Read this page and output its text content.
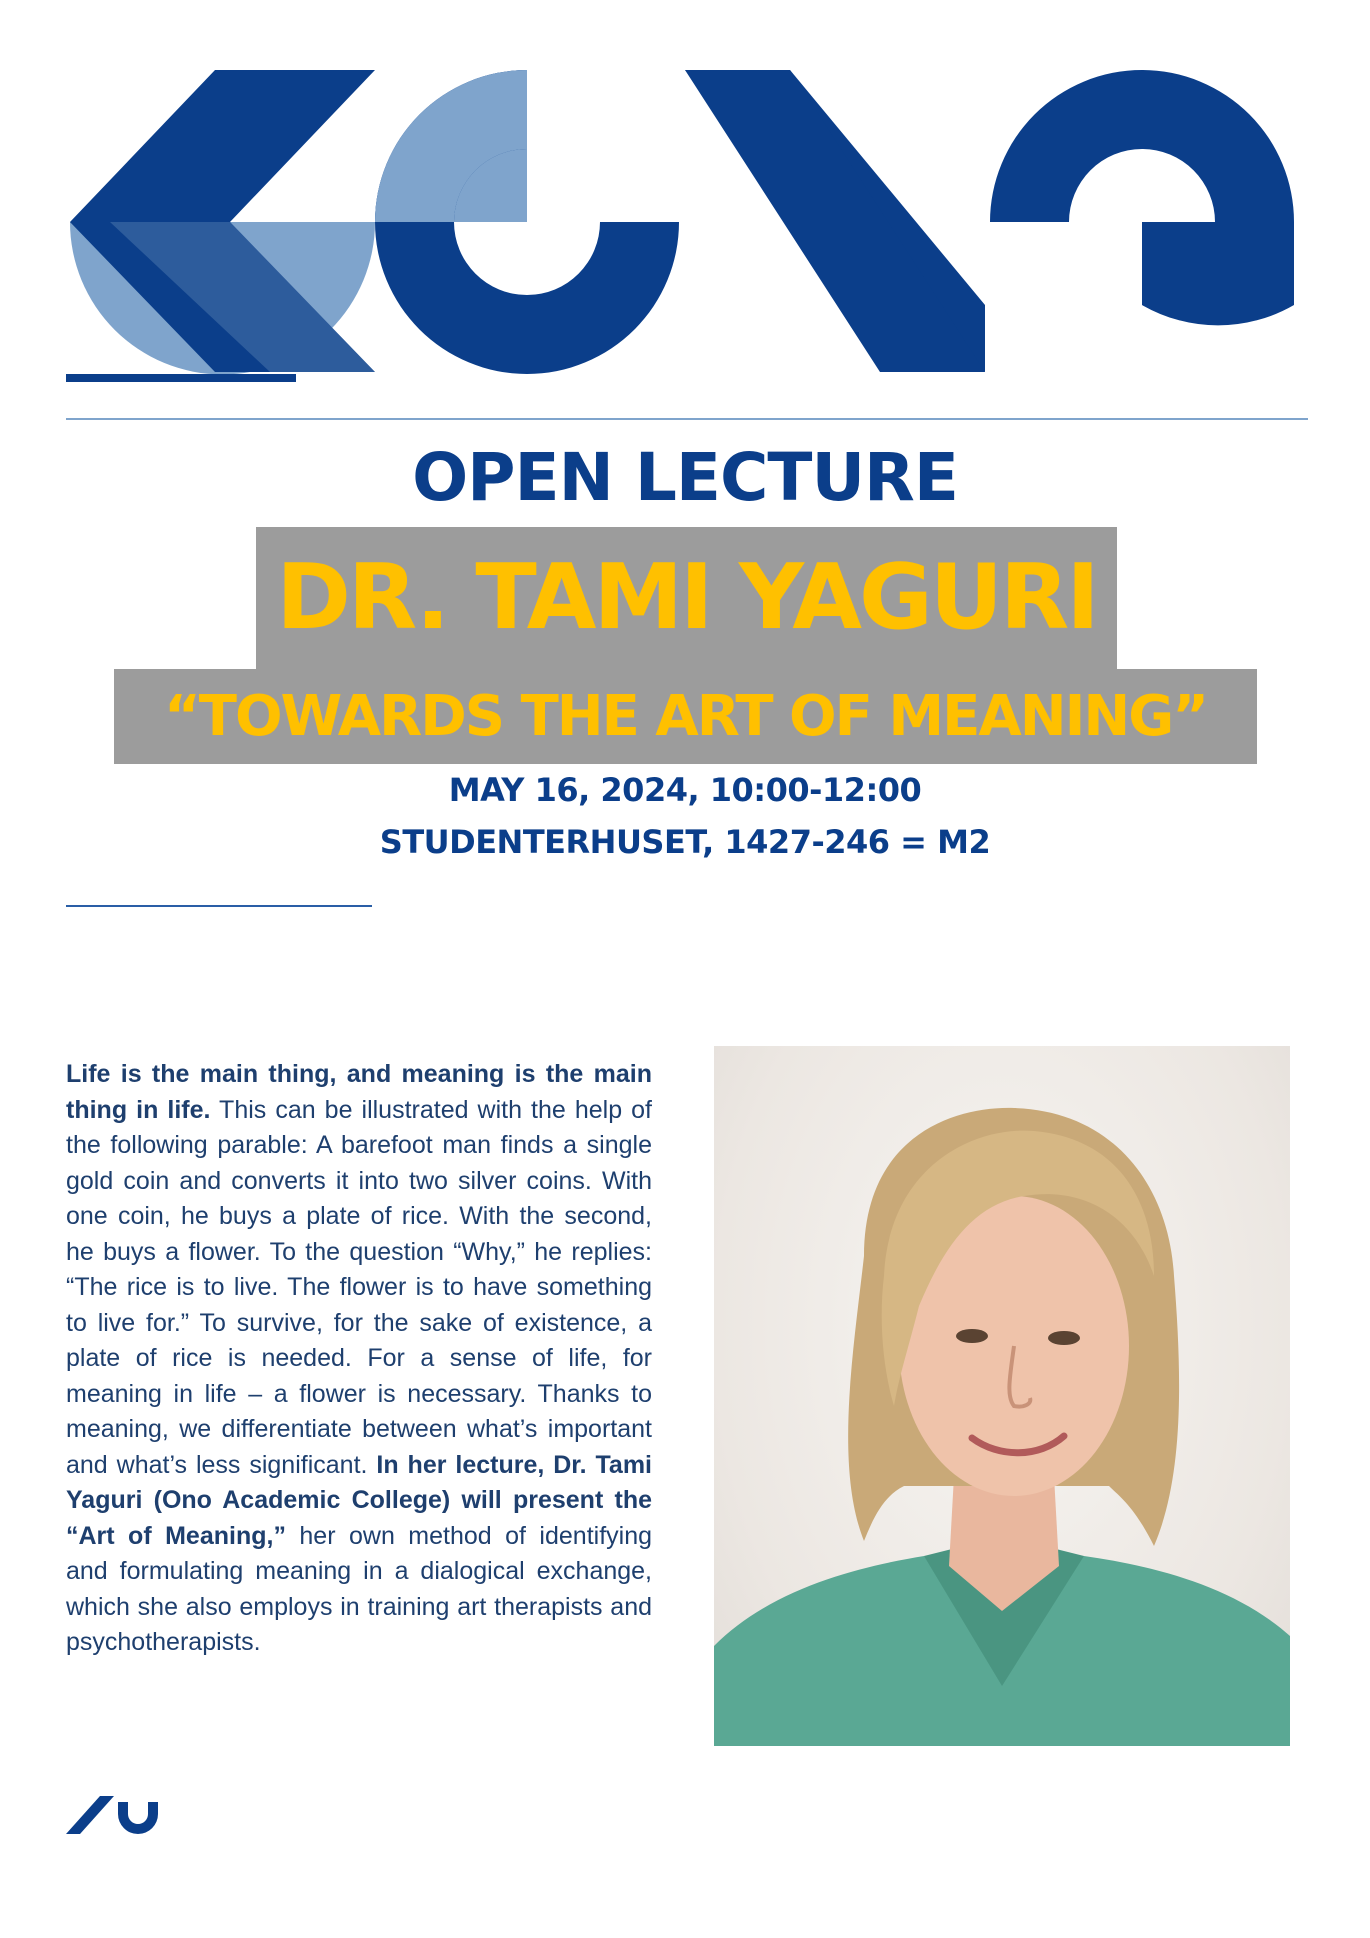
OPEN LECTURE
DR. TAMI YAGURI
“TOWARDS THE ART OF MEANING”
MAY 16, 2024, 10:00-12:00
STUDENTERHUSET, 1427-246 = M2
Life is the main thing, and meaning is the main thing in life. This can be illustrated with the help of the following parable: A barefoot man finds a single gold coin and converts it into two silver coins. With one coin, he buys a plate of rice. With the second, he buys a flower. To the question “Why,” he replies: “The rice is to live. The flower is to have something to live for.” To survive, for the sake of existence, a plate of rice is needed. For a sense of life, for meaning in life – a flower is necessary. Thanks to meaning, we differentiate between what’s important and what’s less significant. In her lecture, Dr. Tami Yaguri (Ono Academic College) will present the “Art of Meaning,” her own method of identifying and formulating meaning in a dialogical exchange, which she also employs in training art therapists and psychotherapists.
